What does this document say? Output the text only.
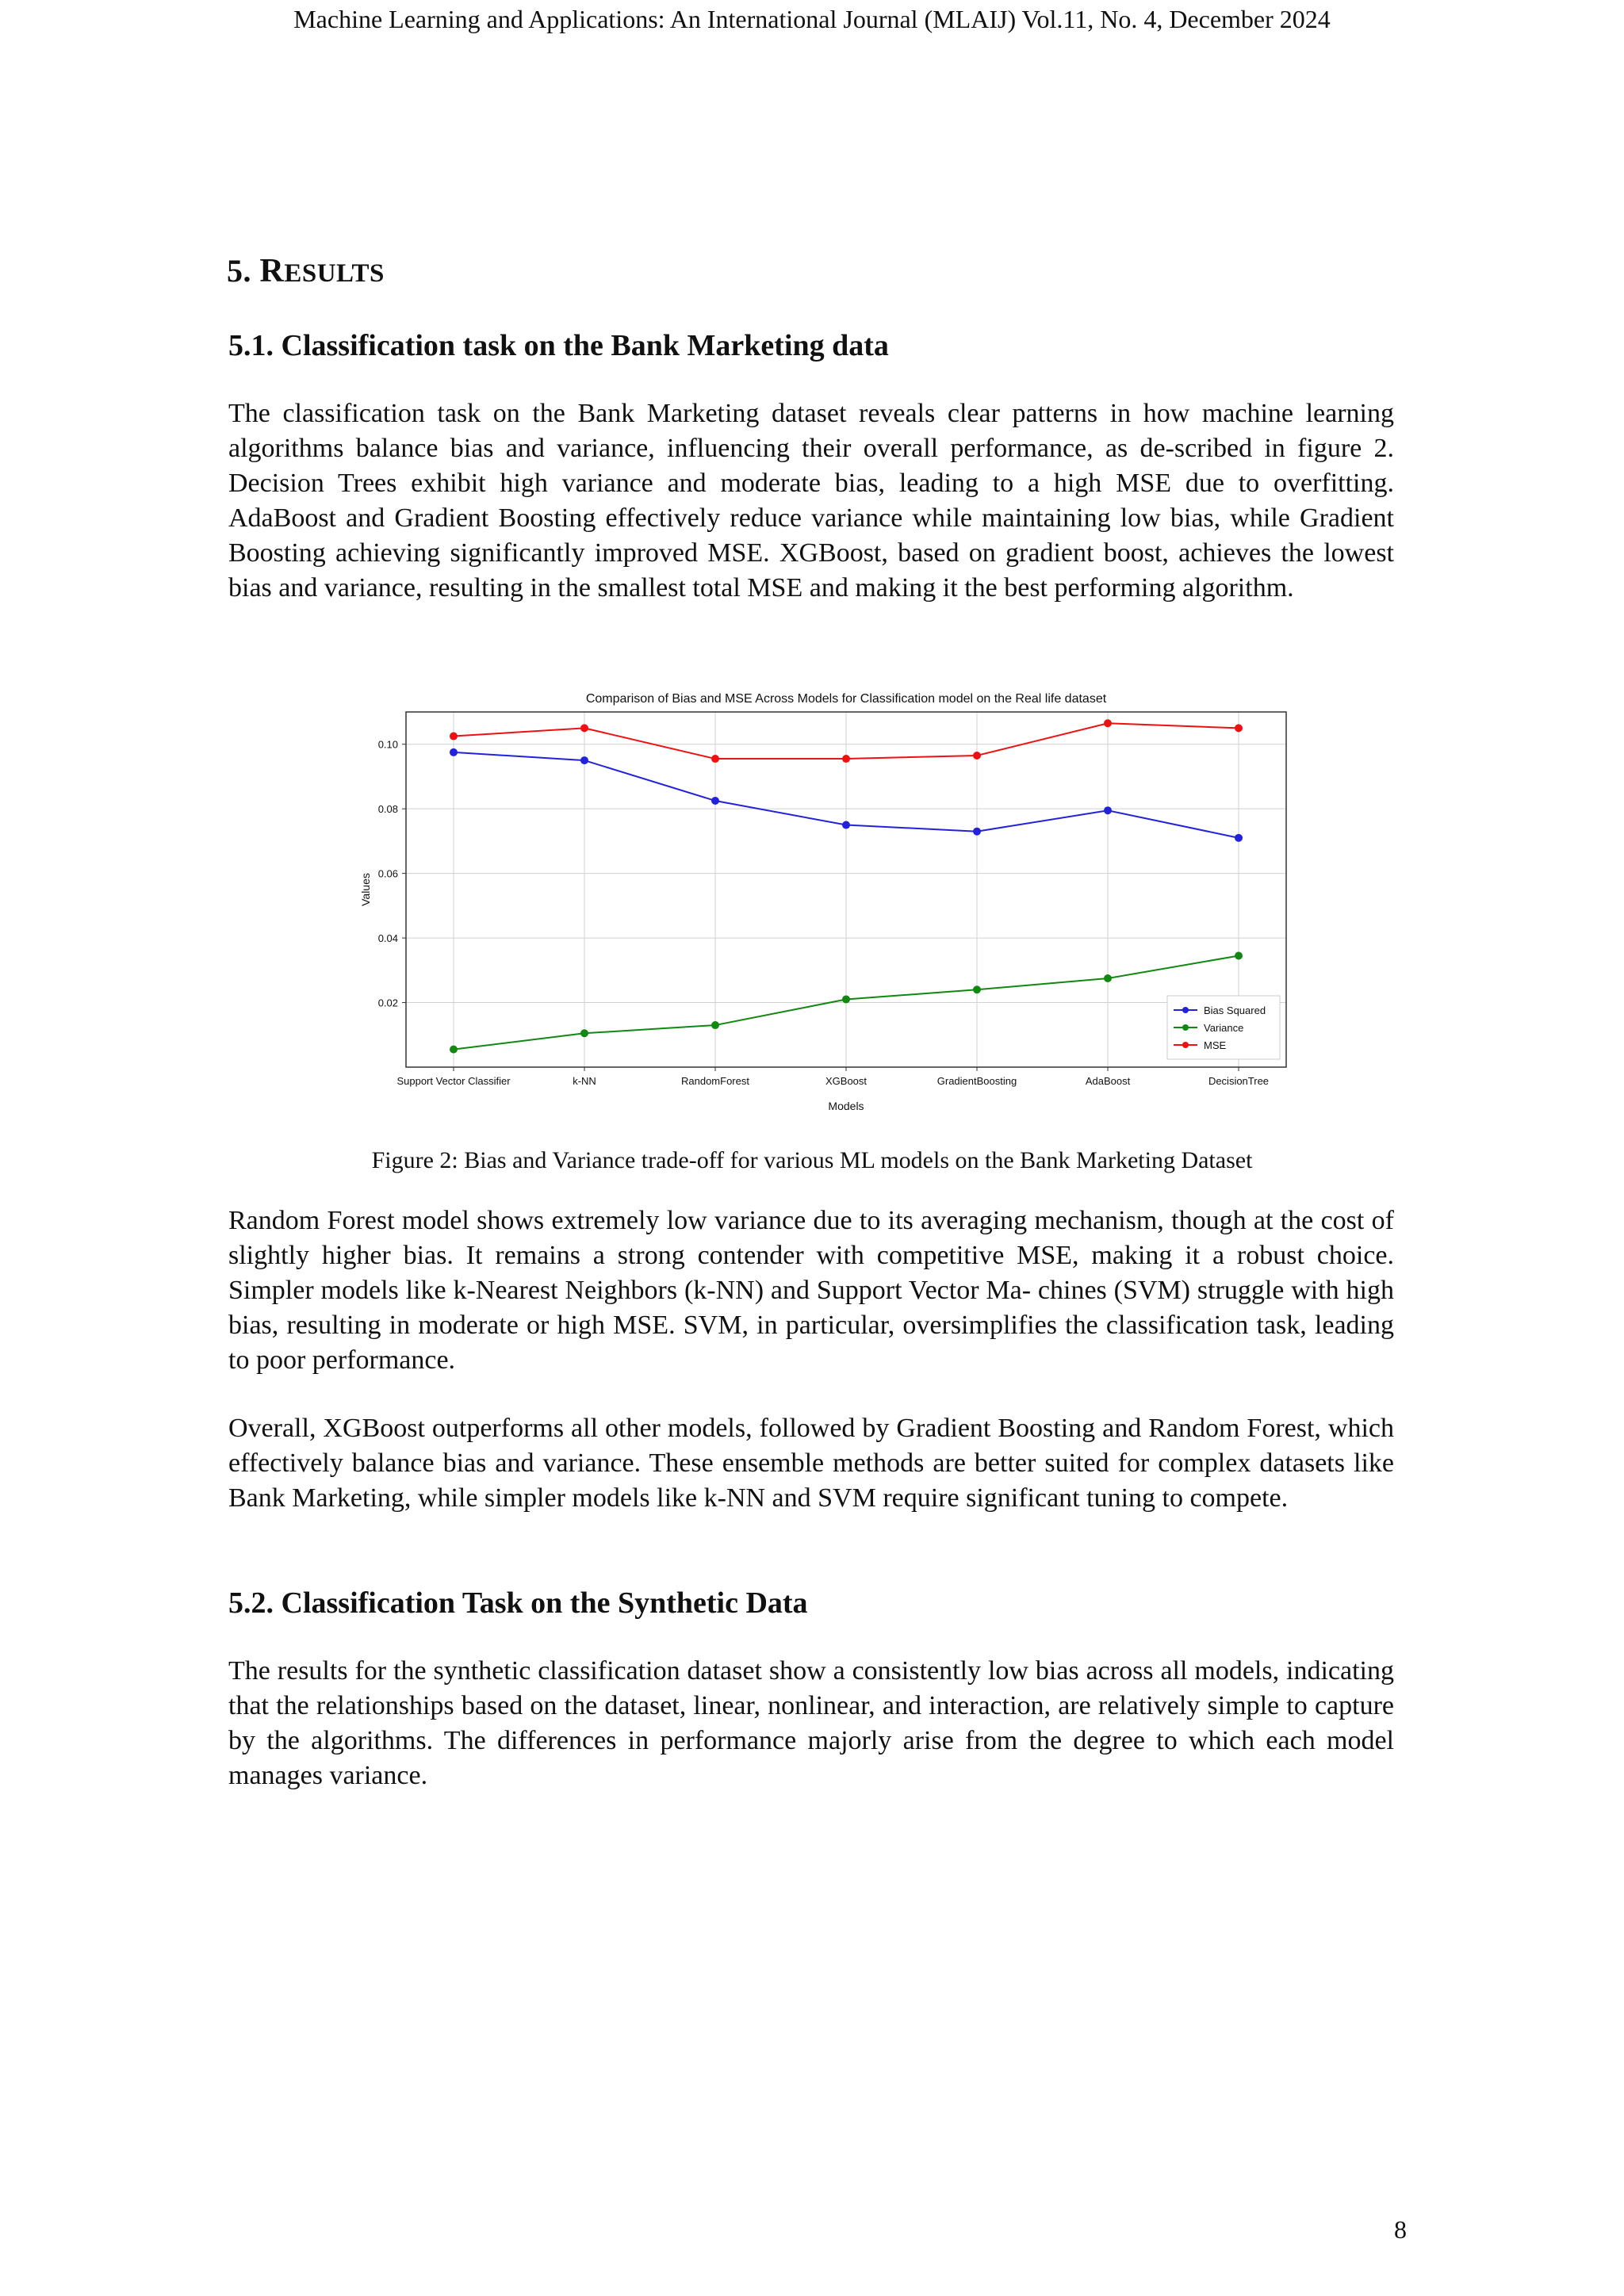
Machine Learning and Applications: An International Journal (MLAIJ) Vol.11, No. 4, December 2024
5. RESULTS
5.1. Classification task on the Bank Marketing data

The classification task on the Bank Marketing dataset reveals clear patterns in how machine learning algorithms balance bias and variance, influencing their overall performance, as de-scribed in figure 2. Decision Trees exhibit high variance and moderate bias, leading to a high MSE due to overfitting. AdaBoost and Gradient Boosting effectively reduce variance while maintaining low bias, while Gradient Boosting achieving significantly improved MSE. XGBoost, based on gradient boost, achieves the lowest bias and variance, resulting in the smallest total MSE and making it the best performing algorithm.

Comparison of Bias and MSE Across Models for Classification model on the Real life dataset
Models
Values
0.02
0.04
0.06
0.08
0.10
Support Vector Classifier	k-NN	RandomForest	XGBoost	GradientBoosting	AdaBoost	DecisionTree
Bias Squared
Variance
MSE
Figure 2: Bias and Variance trade-off for various ML models on the Bank Marketing Dataset

Random Forest model shows extremely low variance due to its averaging mechanism, though at the cost of slightly higher bias. It remains a strong contender with competitive MSE, making it a robust choice. Simpler models like k-Nearest Neighbors (k-NN) and Support Vector Ma- chines (SVM) struggle with high bias, resulting in moderate or high MSE. SVM, in particular, oversimplifies the classification task, leading to poor performance.

Overall, XGBoost outperforms all other models, followed by Gradient Boosting and Random Forest, which effectively balance bias and variance. These ensemble methods are better suited for complex datasets like Bank Marketing, while simpler models like k-NN and SVM require significant tuning to compete.

5.2. Classification Task on the Synthetic Data

The results for the synthetic classification dataset show a consistently low bias across all models, indicating that the relationships based on the dataset, linear, nonlinear, and interaction, are relatively simple to capture by the algorithms. The differences in performance majorly arise from the degree to which each model manages variance.

8
